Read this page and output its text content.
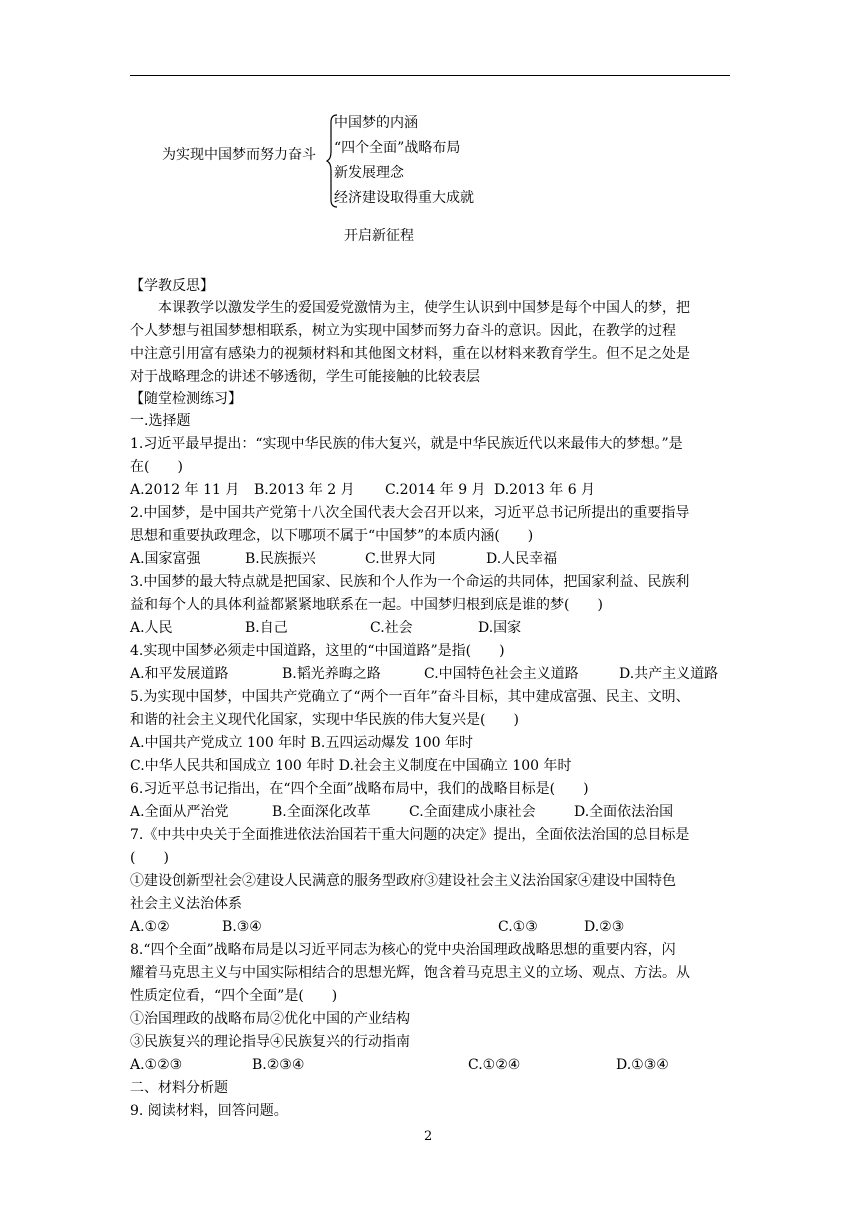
为实现中国梦而努力奋斗
中国梦的内涵
“四个全面”战略布局
新发展理念
经济建设取得重大成就
开启新征程
【学教反思】
本课教学以激发学生的爱国爱党激情为主，使学生认识到中国梦是每个中国人的梦，把
个人梦想与祖国梦想相联系，树立为实现中国梦而努力奋斗的意识。因此，在教学的过程
中注意引用富有感染力的视频材料和其他图文材料，重在以材料来教育学生。但不足之处是
对于战略理念的讲述不够透彻，学生可能接触的比较表层
【随堂检测练习】
一.选择题
1.习近平最早提出：“实现中华民族的伟大复兴，就是中华民族近代以来最伟大的梦想。”是
在(　　)
A.2012 年 11 月 B.2013 年 2 月 C.2014 年 9 月 D.2013 年 6 月
2.中国梦，是中国共产党第十八次全国代表大会召开以来，习近平总书记所提出的重要指导
思想和重要执政理念，以下哪项不属于“中国梦”的本质内涵(　　)
A.国家富强	B.民族振兴	C.世界大同	D.人民幸福
3.中国梦的最大特点就是把国家、民族和个人作为一个命运的共同体，把国家利益、民族利
益和每个人的具体利益都紧紧地联系在一起。中国梦归根到底是谁的梦(　　)
A.人民	B.自己	C.社会	D.国家
4.实现中国梦必须走中国道路，这里的“中国道路”是指(　　)
A.和平发展道路	B.韬光养晦之路	C.中国特色社会主义道路	D.共产主义道路
5.为实现中国梦，中国共产党确立了“两个一百年”奋斗目标，其中建成富强、民主、文明、
和谐的社会主义现代化国家，实现中华民族的伟大复兴是(　　)
A.中国共产党成立 100 年时 B.五四运动爆发 100 年时
C.中华人民共和国成立 100 年时 D.社会主义制度在中国确立 100 年时
6.习近平总书记指出，在“四个全面”战略布局中，我们的战略目标是(　　)
A.全面从严治党	B.全面深化改革	C.全面建成小康社会	D.全面依法治国
7.《中共中央关于全面推进依法治国若干重大问题的决定》提出，全面依法治国的总目标是
(　　)
①建设创新型社会②建设人民满意的服务型政府③建设社会主义法治国家④建设中国特色
社会主义法治体系
A.①②	B.③④	C.①③	D.②③
8.“四个全面”战略布局是以习近平同志为核心的党中央治国理政战略思想的重要内容，闪
耀着马克思主义与中国实际相结合的思想光辉，饱含着马克思主义的立场、观点、方法。从
性质定位看，“四个全面”是(　　)
①治国理政的战略布局②优化中国的产业结构
③民族复兴的理论指导④民族复兴的行动指南
A.①②③	B.②③④	C.①②④	D.①③④
二、材料分析题
9. 阅读材料，回答问题。
2
